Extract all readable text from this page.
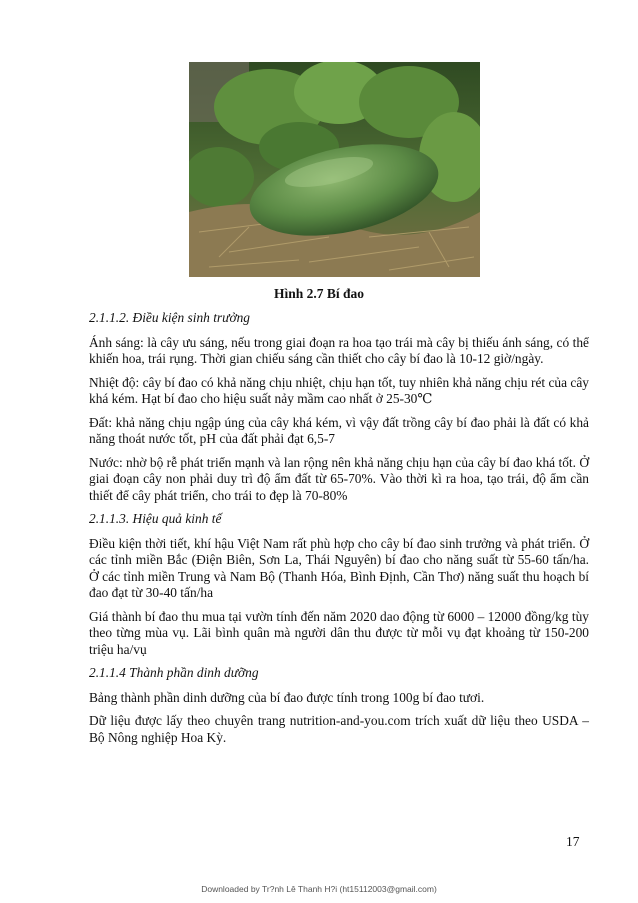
Hình 2.7 Bí đao
2.1.1.2. Điều kiện sinh trưởng
Ánh sáng: là cây ưu sáng, nếu trong giai đoạn ra hoa tạo trái mà cây bị thiếu ánh sáng, có thể khiến hoa, trái rụng. Thời gian chiếu sáng cần thiết cho cây bí đao là 10-12 giờ/ngày.
Nhiệt độ: cây bí đao có khả năng chịu nhiệt, chịu hạn tốt, tuy nhiên khả năng chịu rét của cây khá kém. Hạt bí đao cho hiệu suất nảy mầm cao nhất ở 25-30℃
Đất: khả năng chịu ngập úng của cây khá kém, vì vậy đất trồng cây bí đao phải là đất có khả năng thoát nước tốt, pH của đất phải đạt 6,5-7
Nước: nhờ bộ rễ phát triển mạnh và lan rộng nên khả năng chịu hạn của cây bí đao khá tốt. Ở giai đoạn cây non phải duy trì độ ẩm đất từ 65-70%. Vào thời kì ra hoa, tạo trái, độ ẩm cần thiết để cây phát triển, cho trái to đẹp là 70-80%
2.1.1.3. Hiệu quả kinh tế
Điều kiện thời tiết, khí hậu Việt Nam rất phù hợp cho cây bí đao sinh trưởng và phát triển. Ở các tỉnh miền Bắc (Điện Biên, Sơn La, Thái Nguyên) bí đao cho năng suất từ 55-60 tấn/ha. Ở các tỉnh miền Trung và Nam Bộ (Thanh Hóa, Bình Định, Cần Thơ) năng suất thu hoạch bí đao đạt từ 30-40 tấn/ha
Giá thành bí đao thu mua tại vườn tính đến năm 2020 dao động từ 6000 – 12000 đồng/kg tùy theo từng mùa vụ. Lãi bình quân mà người dân thu được từ mỗi vụ đạt khoảng từ 150-200 triệu ha/vụ
2.1.1.4 Thành phần dinh dưỡng
Bảng thành phần dinh dưỡng của bí đao được tính trong 100g bí đao tươi.
Dữ liệu được lấy theo chuyên trang nutrition-and-you.com trích xuất dữ liệu theo USDA – Bộ Nông nghiệp Hoa Kỳ.
17
Downloaded by Tr?nh Lê Thanh H?i (ht15112003@gmail.com)
